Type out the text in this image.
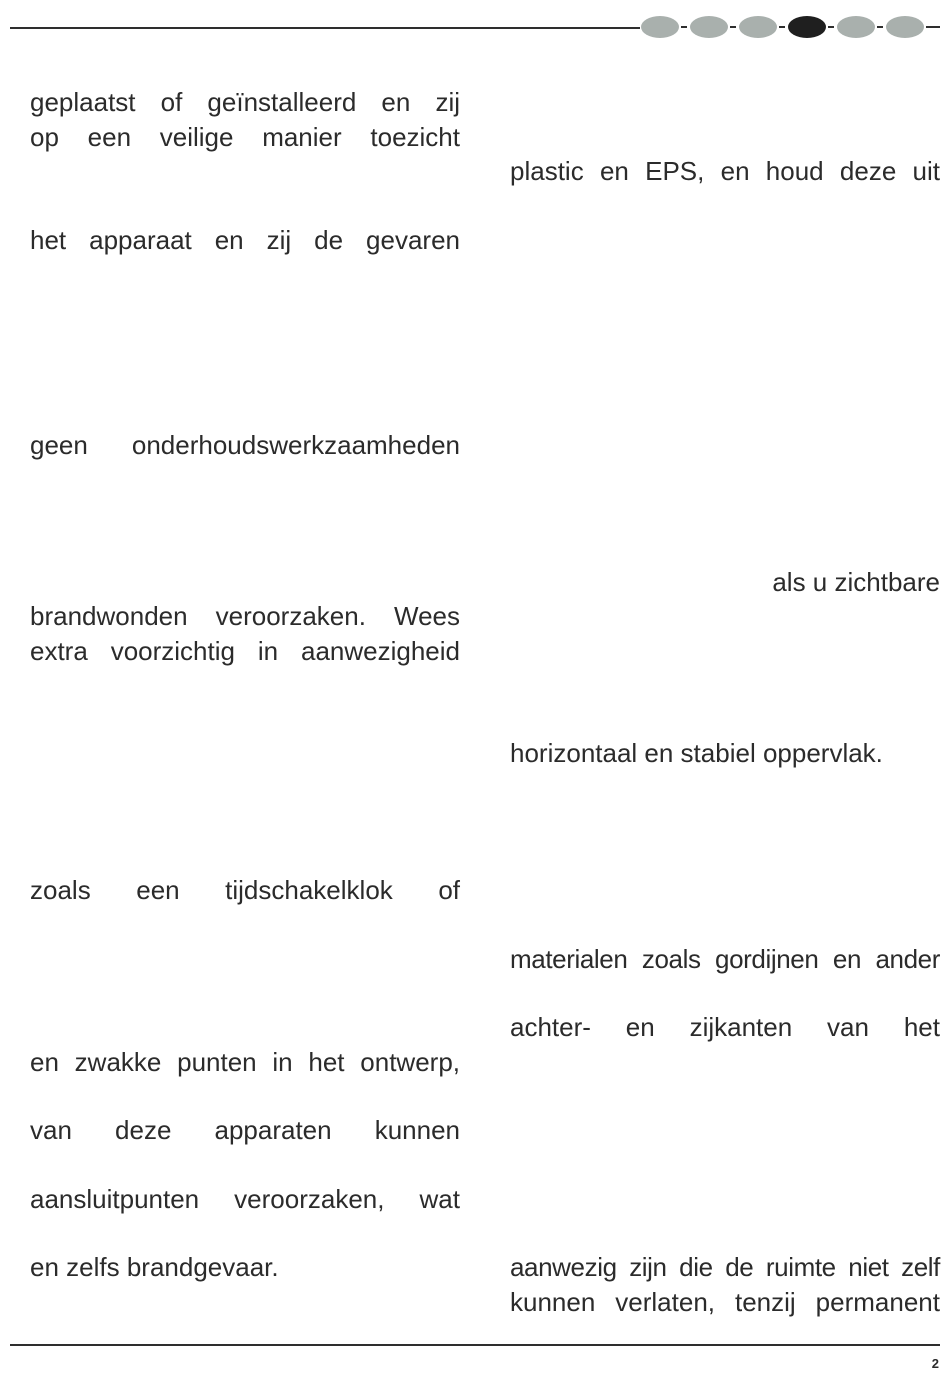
geplaatst of geïnstalleerd en zij
op een veilige manier toezicht
het apparaat en zij de gevaren
geen onderhoudswerkzaamheden
brandwonden veroorzaken. Wees
extra voorzichtig in aanwezigheid
zoals een tijdschakelklok of
en zwakke punten in het ontwerp,
van deze apparaten kunnen
aansluitpunten veroorzaken, wat
en zelfs brandgevaar.
plastic en EPS, en houd deze uit
als u zichtbare
horizontaal en stabiel oppervlak.
materialen zoals gordijnen en ander
achter- en zijkanten van het
aanwezig zijn die de ruimte niet zelf
kunnen verlaten, tenzij permanent
2
